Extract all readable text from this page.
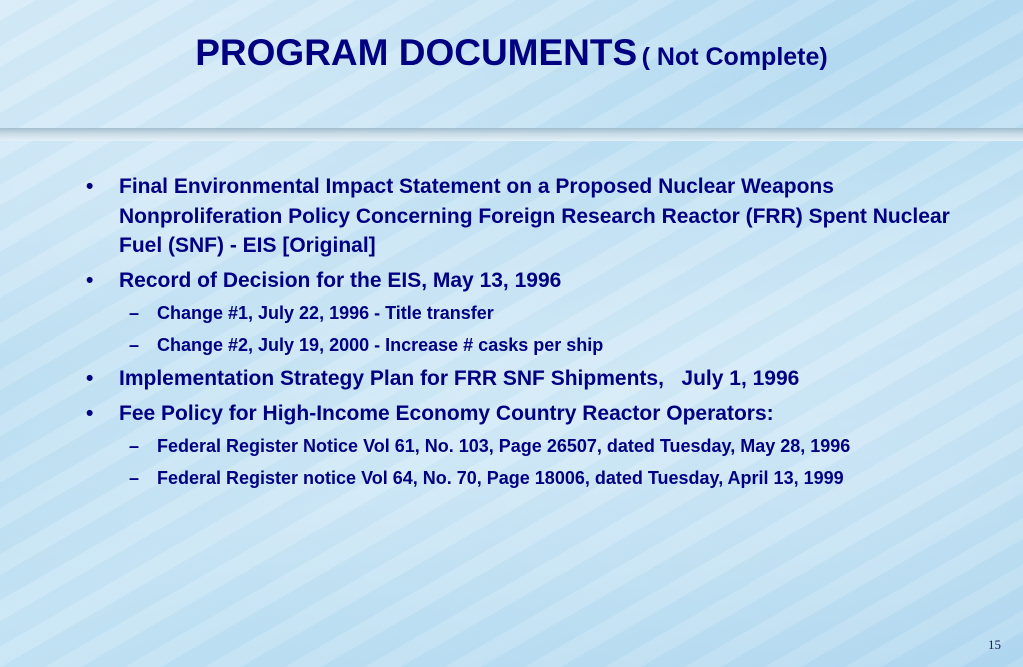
PROGRAM DOCUMENTS ( Not Complete)
• Final Environmental Impact Statement on a Proposed Nuclear Weapons Nonproliferation Policy Concerning Foreign Research Reactor (FRR) Spent Nuclear Fuel (SNF) - EIS [Original]
• Record of Decision for the EIS, May 13, 1996
– Change #1, July 22, 1996 - Title transfer
– Change #2, July 19, 2000 - Increase # casks per ship
• Implementation Strategy Plan for FRR SNF Shipments,   July 1, 1996
• Fee Policy for High-Income Economy Country Reactor Operators:
– Federal Register Notice Vol 61, No. 103, Page 26507, dated Tuesday, May 28, 1996
– Federal Register notice Vol 64, No. 70, Page 18006, dated Tuesday, April 13, 1999
15
